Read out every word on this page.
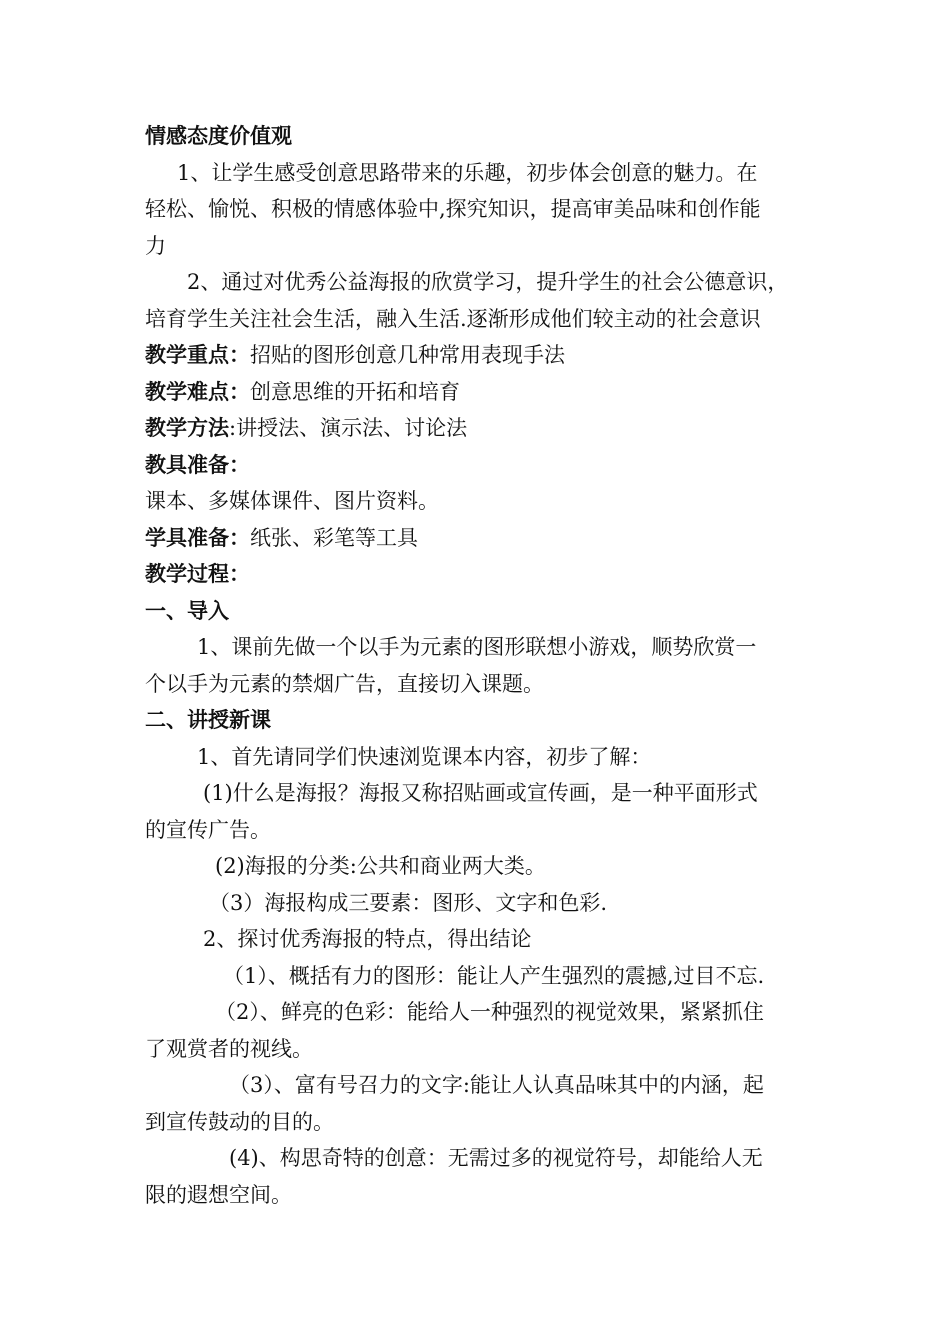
情感态度价值观
1、让学生感受创意思路带来的乐趣，初步体会创意的魅力。在
轻松、愉悦、积极的情感体验中,探究知识，提高审美品味和创作能
力
2、通过对优秀公益海报的欣赏学习，提升学生的社会公德意识，
培育学生关注社会生活，融入生活.逐渐形成他们较主动的社会意识
教学重点：招贴的图形创意几种常用表现手法
教学难点：创意思维的开拓和培育
教学方法:讲授法、演示法、讨论法
教具准备：
课本、多媒体课件、图片资料。
学具准备：纸张、彩笔等工具
教学过程：
一、导入
1、课前先做一个以手为元素的图形联想小游戏，顺势欣赏一
个以手为元素的禁烟广告，直接切入课题。
二、讲授新课
1、首先请同学们快速浏览课本内容，初步了解：
(1)什么是海报？海报又称招贴画或宣传画，是一种平面形式
的宣传广告。
(2)海报的分类:公共和商业两大类。
（3）海报构成三要素：图形、文字和色彩.
2、探讨优秀海报的特点，得出结论
（1）、概括有力的图形：能让人产生强烈的震撼,过目不忘.
（2）、鲜亮的色彩：能给人一种强烈的视觉效果，紧紧抓住
了观赏者的视线。
（3）、富有号召力的文字:能让人认真品味其中的内涵，起
到宣传鼓动的目的。
(4)、构思奇特的创意：无需过多的视觉符号，却能给人无
限的遐想空间。
